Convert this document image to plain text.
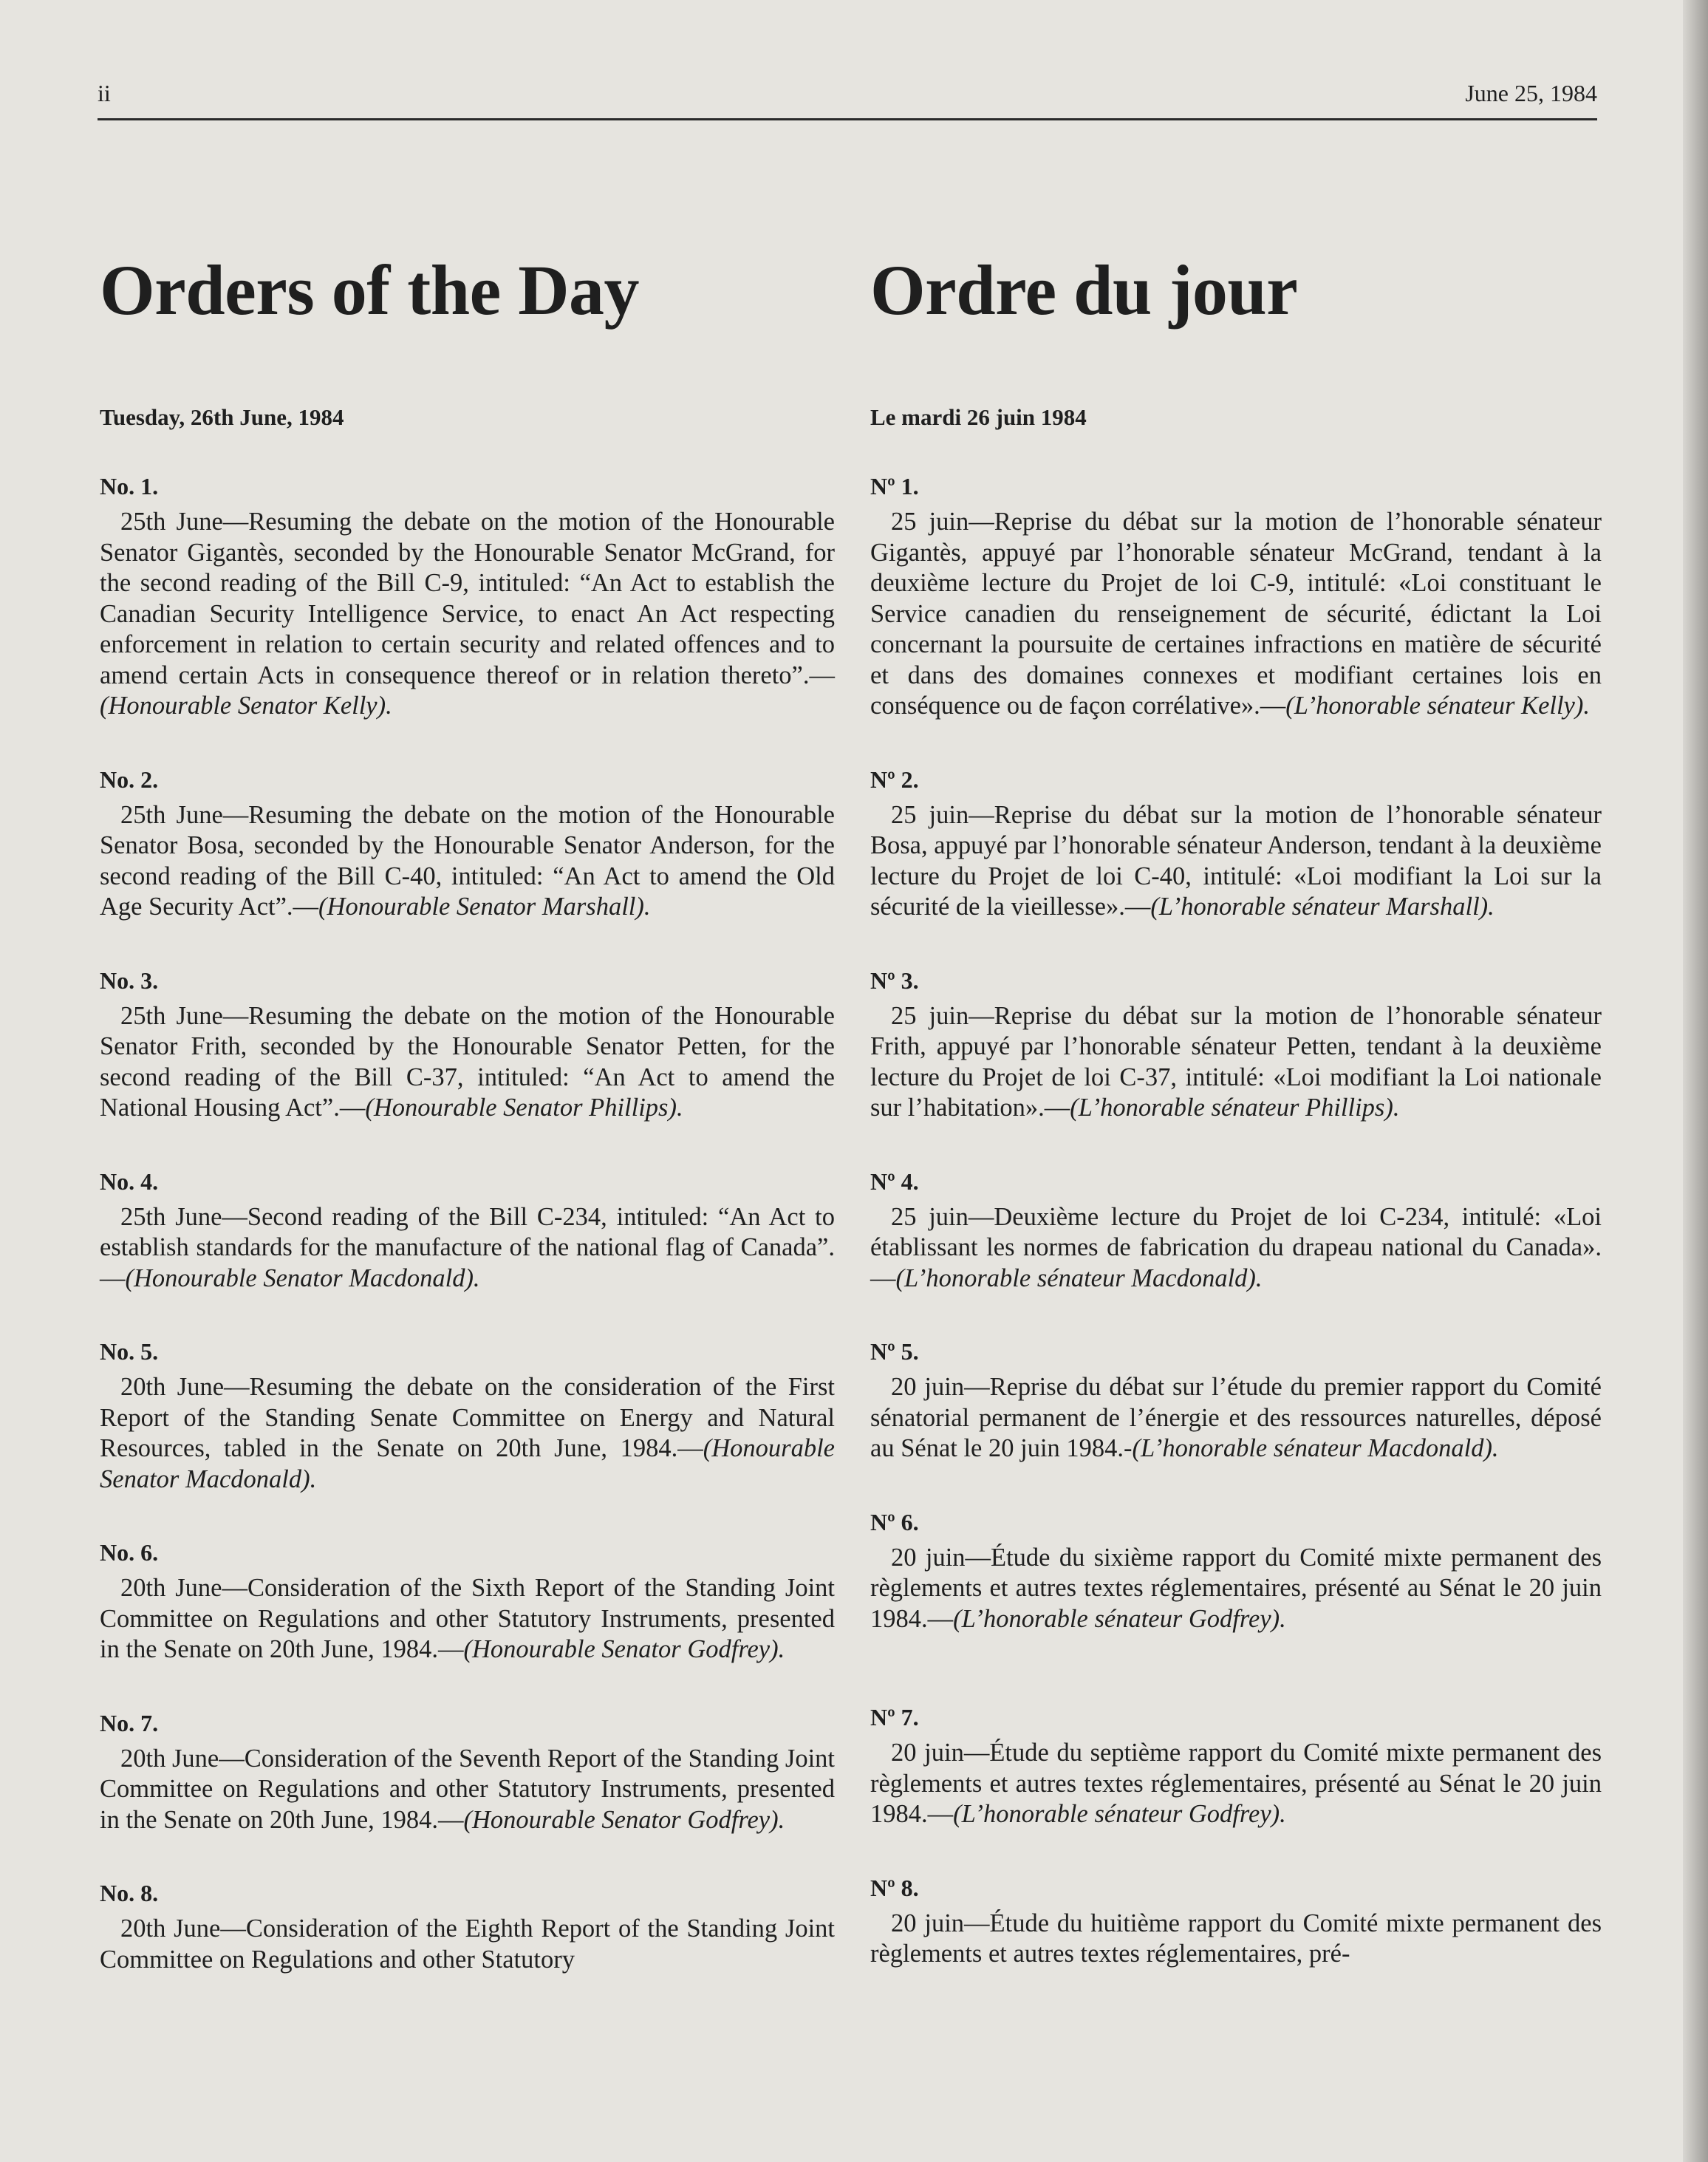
ii	June 25, 1984
Orders of the Day
Tuesday, 26th June, 1984
No. 1.
25th June—Resuming the debate on the motion of the Honourable Senator Gigantès, seconded by the Honourable Senator McGrand, for the second reading of the Bill C-9, intituled: “An Act to establish the Canadian Security Intelligence Service, to enact An Act respecting enforcement in relation to certain security and related offences and to amend certain Acts in consequence thereof or in relation thereto”.—(Honourable Senator Kelly).
No. 2.
25th June—Resuming the debate on the motion of the Honourable Senator Bosa, seconded by the Honourable Senator Anderson, for the second reading of the Bill C-40, intituled: “An Act to amend the Old Age Security Act”.—(Honourable Senator Marshall).
No. 3.
25th June—Resuming the debate on the motion of the Honourable Senator Frith, seconded by the Honourable Senator Petten, for the second reading of the Bill C-37, intituled: “An Act to amend the National Housing Act”.—(Honourable Senator Phillips).
No. 4.
25th June—Second reading of the Bill C-234, intituled: “An Act to establish standards for the manufacture of the national flag of Canada”.—(Honourable Senator Macdonald).
No. 5.
20th June—Resuming the debate on the consideration of the First Report of the Standing Senate Committee on Energy and Natural Resources, tabled in the Senate on 20th June, 1984.—(Honourable Senator Macdonald).
No. 6.
20th June—Consideration of the Sixth Report of the Standing Joint Committee on Regulations and other Statutory Instruments, presented in the Senate on 20th June, 1984.—(Honourable Senator Godfrey).
No. 7.
20th June—Consideration of the Seventh Report of the Standing Joint Committee on Regulations and other Statutory Instruments, presented in the Senate on 20th June, 1984.—(Honourable Senator Godfrey).
No. 8.
20th June—Consideration of the Eighth Report of the Standing Joint Committee on Regulations and other Statutory
Ordre du jour
Le mardi 26 juin 1984
Nº 1.
25 juin—Reprise du débat sur la motion de l’honorable sénateur Gigantès, appuyé par l’honorable sénateur McGrand, tendant à la deuxième lecture du Projet de loi C-9, intitulé: «Loi constituant le Service canadien du renseignement de sécurité, édictant la Loi concernant la poursuite de certaines infractions en matière de sécurité et dans des domaines connexes et modifiant certaines lois en conséquence ou de façon corrélative».—(L’honorable sénateur Kelly).
Nº 2.
25 juin—Reprise du débat sur la motion de l’honorable sénateur Bosa, appuyé par l’honorable sénateur Anderson, tendant à la deuxième lecture du Projet de loi C-40, intitulé: «Loi modifiant la Loi sur la sécurité de la vieillesse».—(L’honorable sénateur Marshall).
Nº 3.
25 juin—Reprise du débat sur la motion de l’honorable sénateur Frith, appuyé par l’honorable sénateur Petten, tendant à la deuxième lecture du Projet de loi C-37, intitulé: «Loi modifiant la Loi nationale sur l’habitation».—(L’honorable sénateur Phillips).
Nº 4.
25 juin—Deuxième lecture du Projet de loi C-234, intitulé: «Loi établissant les normes de fabrication du drapeau national du Canada».—(L’honorable sénateur Macdonald).
Nº 5.
20 juin—Reprise du débat sur l’étude du premier rapport du Comité sénatorial permanent de l’énergie et des ressources naturelles, déposé au Sénat le 20 juin 1984.-(L’honorable sénateur Macdonald).
Nº 6.
20 juin—Étude du sixième rapport du Comité mixte permanent des règlements et autres textes réglementaires, présenté au Sénat le 20 juin 1984.—(L’honorable sénateur Godfrey).
Nº 7.
20 juin—Étude du septième rapport du Comité mixte permanent des règlements et autres textes réglementaires, présenté au Sénat le 20 juin 1984.—(L’honorable sénateur Godfrey).
Nº 8.
20 juin—Étude du huitième rapport du Comité mixte permanent des règlements et autres textes réglementaires, pré-
